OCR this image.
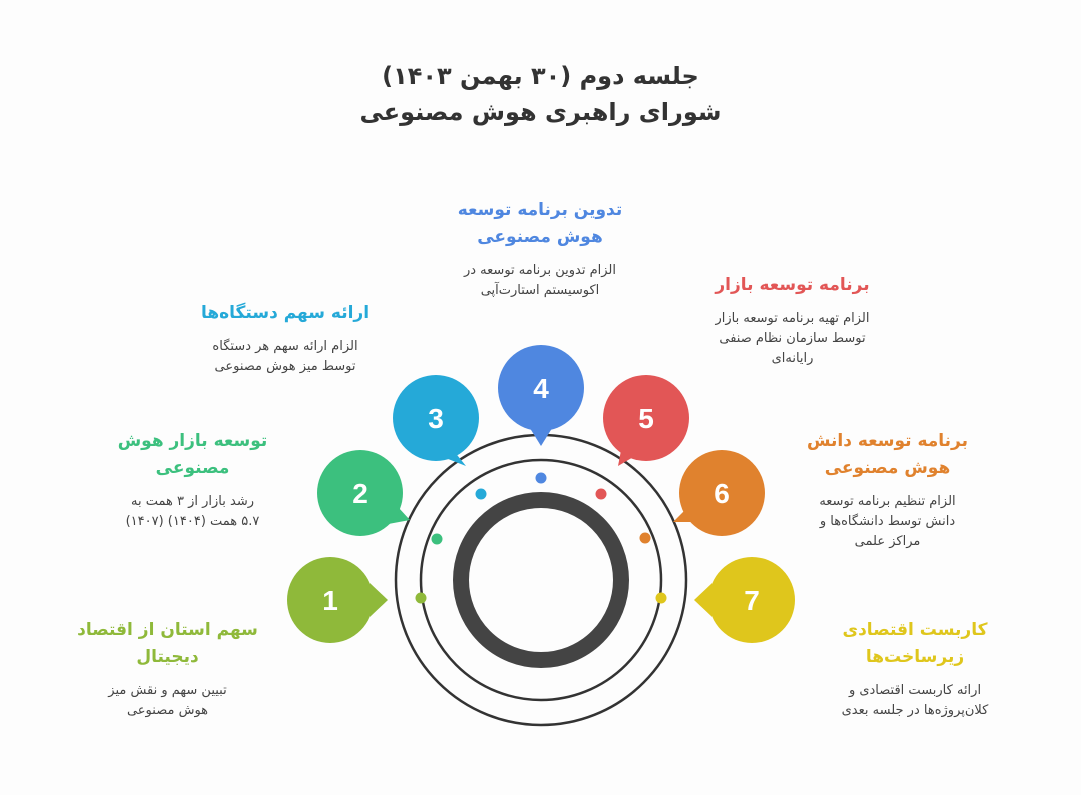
جلسه دوم (۳۰ بهمن ۱۴۰۳)
شورای راهبری هوش مصنوعی
1
2
3
4
5
6
7
سهم استان از اقتصاد دیجیتال
تبیین سهم و نقش میز هوش مصنوعی
توسعه بازار هوش مصنوعی
رشد بازار از ۳ همت به ۵.۷ همت (۱۴۰۴) (۱۴۰۷)
ارائه سهم دستگاه‌ها
الزام ارائه سهم هر دستگاه توسط میز هوش مصنوعی
تدوین برنامه توسعه هوش مصنوعی
الزام تدوین برنامه توسعه در اکوسیستم استارت‌آپی	برنامه توسعه بازار
الزام تهیه برنامه توسعه بازار توسط سازمان نظام صنفی رایانه‌ای
برنامه توسعه دانش هوش مصنوعی
الزام تنظیم برنامه توسعه دانش توسط دانشگاه‌ها و مراکز علمی
کاربست اقتصادی زیرساخت‌ها
ارائه کاربست اقتصادی و کلان‌پروژه‌ها در جلسه بعدی
